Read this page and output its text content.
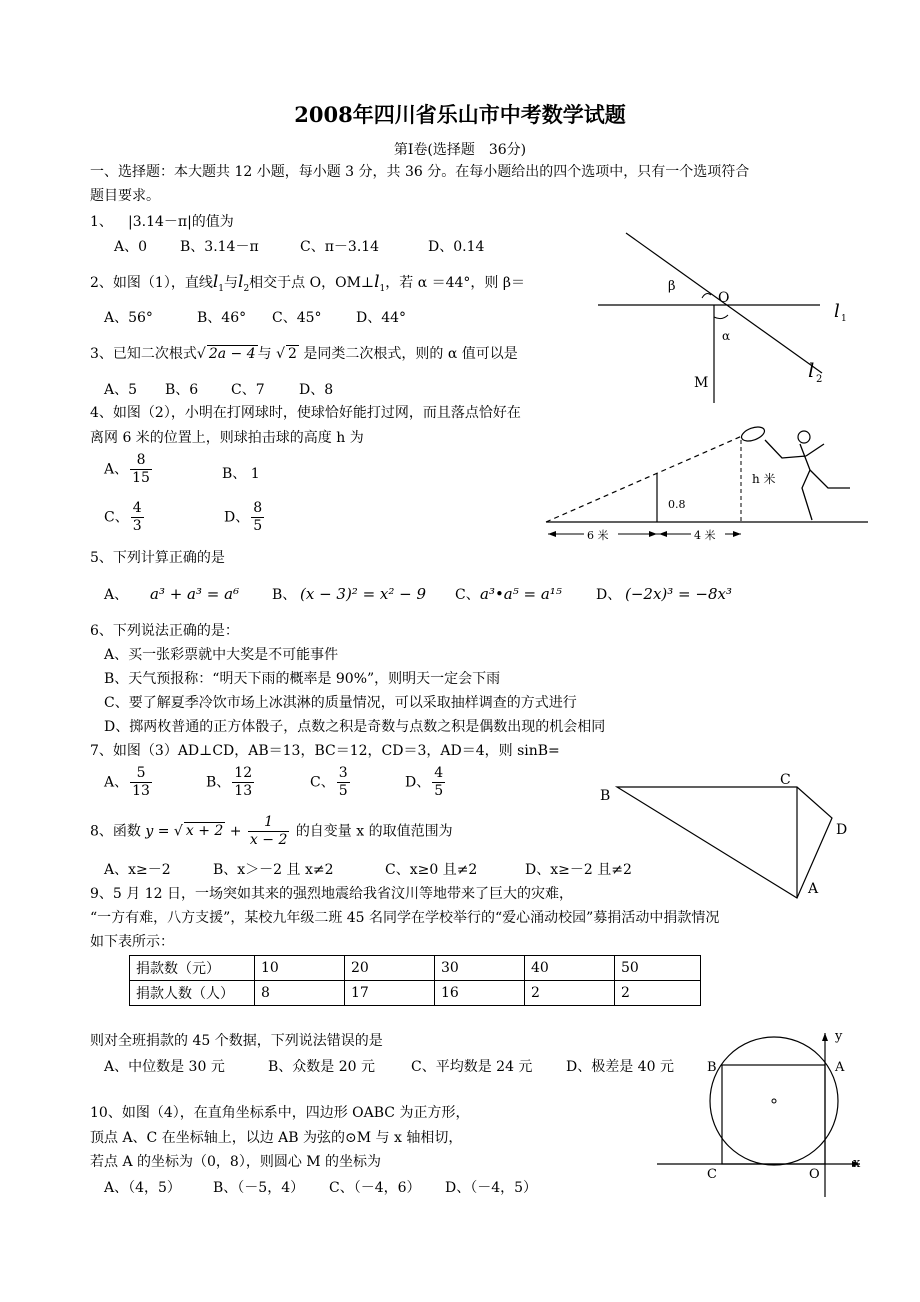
2008年四川省乐山市中考数学试题
第Ⅰ卷(选择题　36分)
一、选择题：本大题共 12 小题，每小题 3 分，共 36 分。在每小题给出的四个选项中，只有一个选项符合
题目要求。
1、 |3.14－π|的值为
A、0 B、3.14－π	C、π－3.14	D、0.14
2、如图（1），直线$l_1$与$l_2$相交于点 O，$OM\perp l_1$，若 α ＝44°，则 β＝
A、56°	B、46° C、45° D、44°
3、已知二次根式√ 2a − 4 与 √ 2 是同类二次根式，则的 α 值可以是
A、5 B、6 C、7 D、8
4、如图（2），小明在打网球时，使球恰好能打过网，而且落点恰好在
离网 6 米的位置上，则球拍击球的高度 h 为
A、 $\frac{8}{15}$	B、 1
C、 $\frac{4}{3}$	D、 $\frac{8}{5}$
5、下列计算正确的是
A、 a³ + a³ = a⁶ B、 (x − 3)² = x² − 9 C、 a³•a⁵ = a¹⁵ D、 (−2x)³ = −8x³
6、下列说法正确的是：
A、买一张彩票就中大奖是不可能事件
B、天气预报称：“明天下雨的概率是 90%”，则明天一定会下雨
C、要了解夏季冷饮市场上冰淇淋的质量情况，可以采取抽样调查的方式进行
D、掷两枚普通的正方体骰子，点数之积是奇数与点数之积是偶数出现的机会相同
7、如图（3）AD⊥CD，AB＝13，BC＝12，CD＝3，AD＝4，则 sinB=
A、 $\frac{5}{13}$	B、 $\frac{12}{13}$	C、 $\frac{3}{5}$	D、 $\frac{4}{5}$
8、函数 y = √ $x + 2 + \frac{1}{x - 2}$ 的自变量 x 的取值范围为
A、x≥－2	B、x＞－2 且 x≠2	C、x≥0 且≠2	D、x≥－2 且≠2
9、5 月 12 日，一场突如其来的强烈地震给我省汶川等地带来了巨大的灾难，
“一方有难，八方支援”，某校九年级二班 45 名同学在学校举行的“爱心涌动校园”募捐活动中捐款情况
如下表所示：
捐款数（元）	10	20	30	40	50
捐款人数（人）	8	17	16	2	2
则对全班捐款的 45 个数据，下列说法错误的是
A、中位数是 30 元	B、众数是 20 元	C、平均数是 24 元 D、极差是 40 元
10、如图（4），在直角坐标系中，四边形 OABC 为正方形，
顶点 A、C 在坐标轴上，以边 AB 为弦的⊙M 与 x 轴相切，
若点 A 的坐标为（0，8），则圆心 M 的坐标为
A、（4，5） B、（－5，4） C、（－4，6） D、（－4，5）
β
O
α
M
l 1
l 2
0.8
h 米
6 米	4 米
B
C
D
A
y
x
A
B
C	O
